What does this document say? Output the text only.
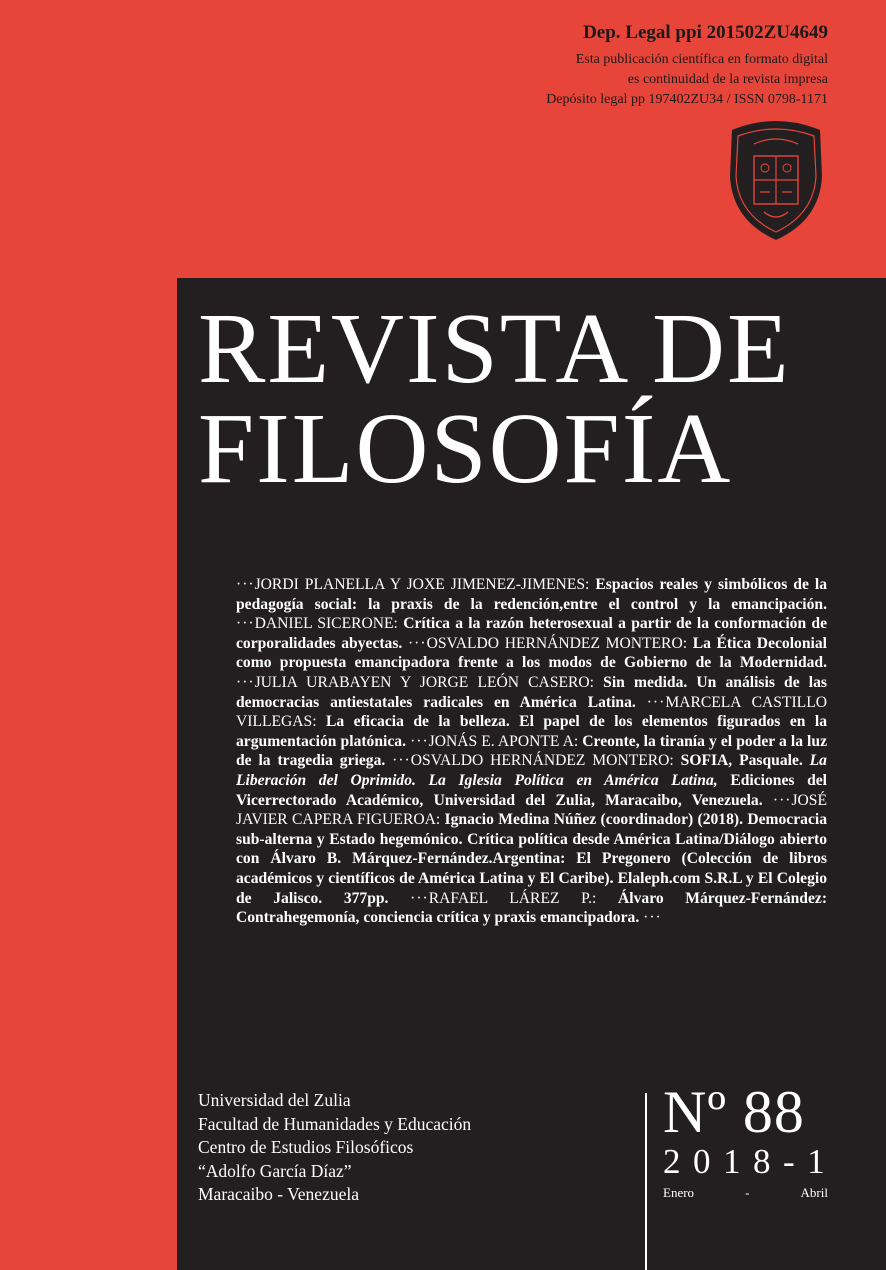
Dep. Legal ppi 201502ZU4649
Esta publicación científica en formato digital
es continuidad de la revista impresa
Depósito legal pp 197402ZU34 / ISSN 0798-1171
REVISTA DE
FILOSOFÍA
···JORDI PLANELLA Y JOXE JIMENEZ-JIMENES: Espacios reales y simbólicos de la pedagogía social: la praxis de la redención,entre el control y la emancipación. ···DANIEL SICERONE: Crítica a la razón heterosexual a partir de la conformación de corporalidades abyectas. ···OSVALDO HERNÁNDEZ MONTERO: La Ética Decolonial como propuesta emancipadora frente a los modos de Gobierno de la Modernidad. ···JULIA URABAYEN Y JORGE LEÓN CASERO: Sin medida. Un análisis de las democracias antiestatales radicales en América Latina. ···MARCELA CASTILLO VILLEGAS: La eficacia de la belleza. El papel de los elementos figurados en la argumentación platónica. ···JONÁS E. APONTE A: Creonte, la tiranía y el poder a la luz de la tragedia griega. ···OSVALDO HERNÁNDEZ MONTERO: SOFIA, Pasquale. La Liberación del Oprimido. La Iglesia Política en América Latina, Ediciones del Vicerrectorado Académico, Universidad del Zulia, Maracaibo, Venezuela. ···JOSÉ JAVIER CAPERA FIGUEROA: Ignacio Medina Núñez (coordinador) (2018). Democracia sub-alterna y Estado hegemónico. Crítica política desde América Latina/Diálogo abierto con Álvaro B. Márquez-Fernández.Argentina: El Pregonero (Colección de libros académicos y científicos de América Latina y El Caribe). Elaleph.com S.R.L y El Colegio de Jalisco. 377pp. ···RAFAEL LÁREZ P.: Álvaro Márquez-Fernández: Contrahegemonía, conciencia crítica y praxis emancipadora. ···
Universidad del Zulia
Facultad de Humanidades y Educación
Centro de Estudios Filosóficos
“Adolfo García Díaz”
Maracaibo - Venezuela
Nº 88
2018-1
Enero	-	Abril
